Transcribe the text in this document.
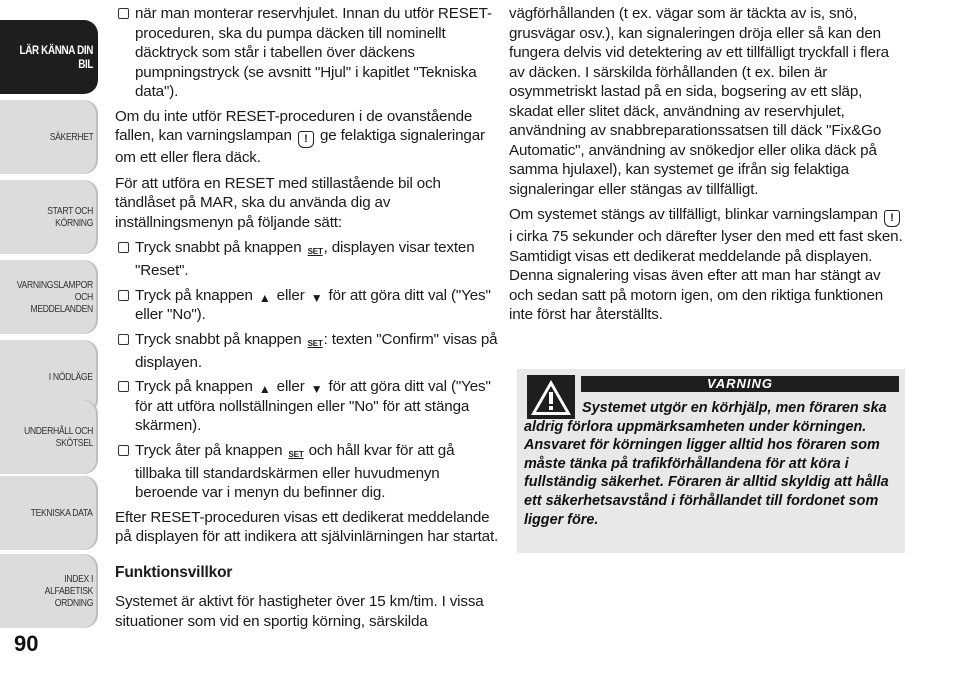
LÄR KÄNNA DIN BIL
SÄKERHET
START OCH KÖRNING
VARNINGSLAMPOR OCH MEDDELANDEN
I NÖDLÄGE
UNDERHÅLL OCH SKÖTSEL
TEKNISKA DATA
INDEX I ALFABETISK ORDNING
90
när man monterar reservhjulet. Innan du utför RESET-proceduren, ska du pumpa däcken till nominellt däcktryck som står i tabellen över däckens pumpningstryck (se avsnitt "Hjul" i kapitlet "Tekniska data").

Om du inte utför RESET-proceduren i de ovanstående fallen, kan varningslampan ! ge felaktiga signaleringar om ett eller flera däck.

För att utföra en RESET med stillastående bil och tändlåset på MAR, ska du använda dig av inställningsmenyn på följande sätt:

Tryck snabbt på knappen SET, displayen visar texten "Reset".
Tryck på knappen ▲ eller ▼ för att göra ditt val ("Yes" eller "No").
Tryck snabbt på knappen SET: texten "Confirm" visas på displayen.
Tryck på knappen ▲ eller ▼ för att göra ditt val ("Yes" för att utföra nollställningen eller "No" för att stänga skärmen).
Tryck åter på knappen SET och håll kvar för att gå tillbaka till standardskärmen eller huvudmenyn beroende var i menyn du befinner dig.

Efter RESET-proceduren visas ett dedikerat meddelande på displayen för att indikera att självinlärningen har startat.

Funktionsvillkor

Systemet är aktivt för hastigheter över 15 km/tim. I vissa situationer som vid en sportig körning, särskilda

vägförhållanden (t ex. vägar som är täckta av is, snö, grusvägar osv.), kan signaleringen dröja eller så kan den fungera delvis vid detektering av ett tillfälligt tryckfall i flera av däcken. I särskilda förhållanden (t ex. bilen är osymmetriskt lastad på en sida, bogsering av ett släp, skadat eller slitet däck, användning av reservhjulet, användning av snabbreparationssatsen till däck "Fix&Go Automatic", användning av snökedjor eller olika däck på samma hjulaxel), kan systemet ge ifrån sig felaktiga signaleringar eller stängas av tillfälligt.

Om systemet stängs av tillfälligt, blinkar varningslampan ! i cirka 75 sekunder och därefter lyser den med ett fast sken. Samtidigt visas ett dedikerat meddelande på displayen. Denna signalering visas även efter att man har stängt av och sedan satt på motorn igen, om den riktiga funktionen inte först har återställts.

VARNING
Systemet utgör en körhjälp, men föraren ska aldrig förlora uppmärksamheten under körningen. Ansvaret för körningen ligger alltid hos föraren som måste tänka på trafikförhållandena för att köra i fullständig säkerhet. Föraren är alltid skyldig att hålla ett säkerhetsavstånd i förhållandet till fordonet som ligger före.
